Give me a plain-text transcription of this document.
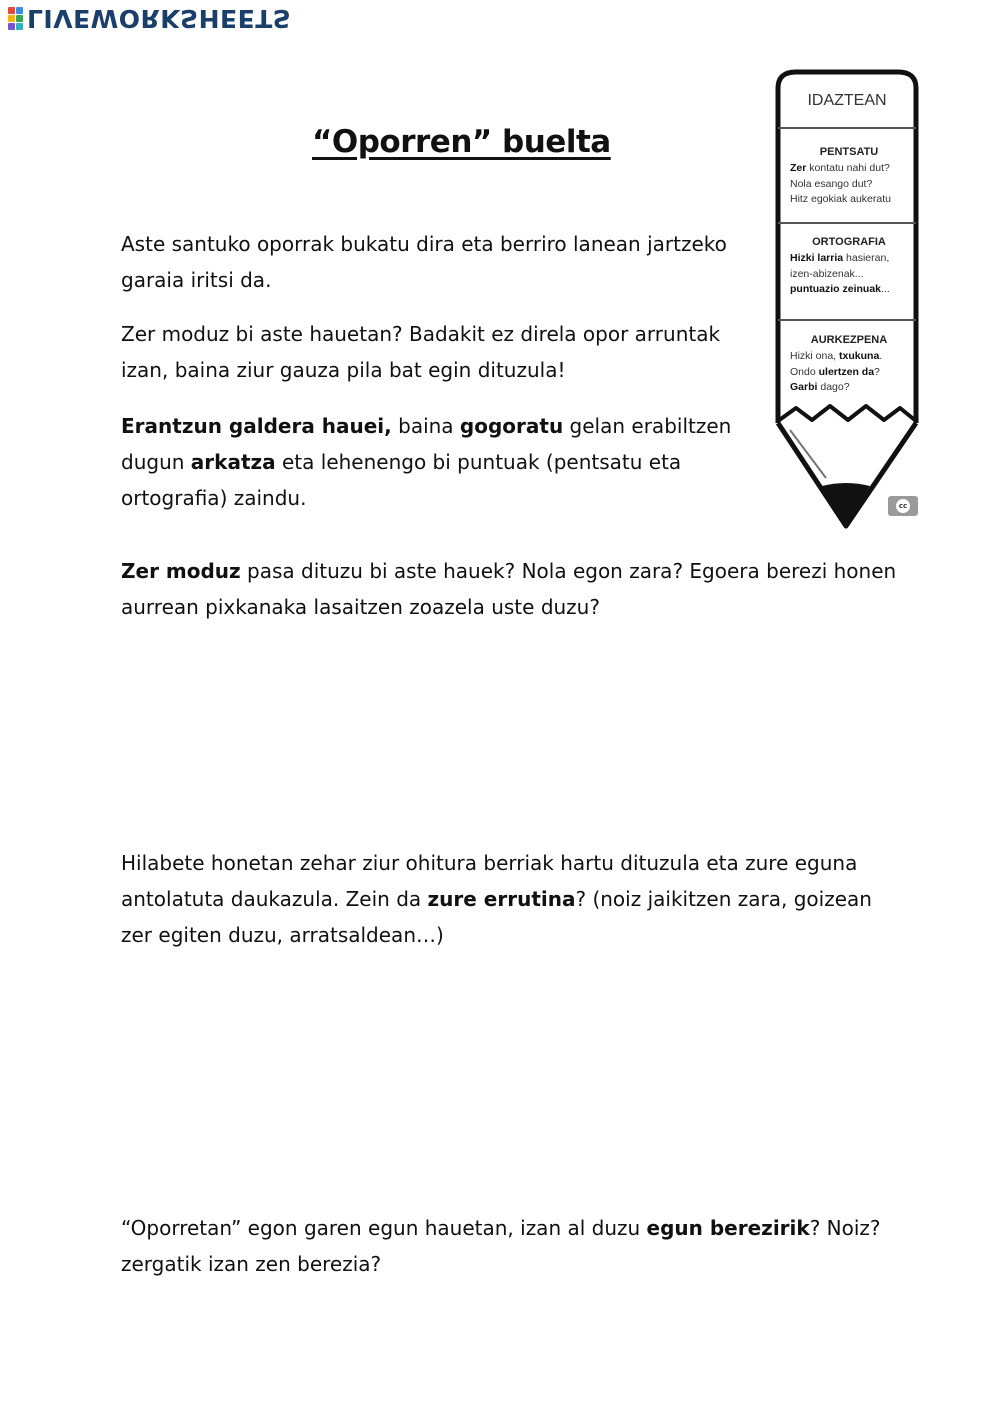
LIVEWORKSHEETS
“Oporren” buelta

Aste santuko oporrak bukatu dira eta berriro lanean jartzeko garaia iritsi da.

Zer moduz bi aste hauetan? Badakit ez direla opor arruntak izan, baina ziur gauza pila bat egin dituzula!

Erantzun galdera hauei, baina gogoratu gelan erabiltzen dugun arkatza eta lehenengo bi puntuak (pentsatu eta ortografia) zaindu.

Zer moduz pasa dituzu bi aste hauek? Nola egon zara? Egoera berezi honen aurrean pixkanaka lasaitzen zoazela uste duzu?

Hilabete honetan zehar ziur ohitura berriak hartu dituzula eta zure eguna antolatuta daukazula. Zein da zure errutina? (noiz jaikitzen zara, goizean zer egiten duzu, arratsaldean…)

“Oporretan” egon garen egun hauetan, izan al duzu egun berezirik? Noiz? zergatik izan zen berezia?

IDAZTEAN
PENTSATU
Zer kontatu nahi dut?
Nola esango dut?
Hitz egokiak aukeratu
ORTOGRAFIA
Hizki larria hasieran,
izen-abizenak...
puntuazio zeinuak...
AURKEZPENA
Hizki ona, txukuna.
Ondo ulertzen da?
Garbi dago?
cc
